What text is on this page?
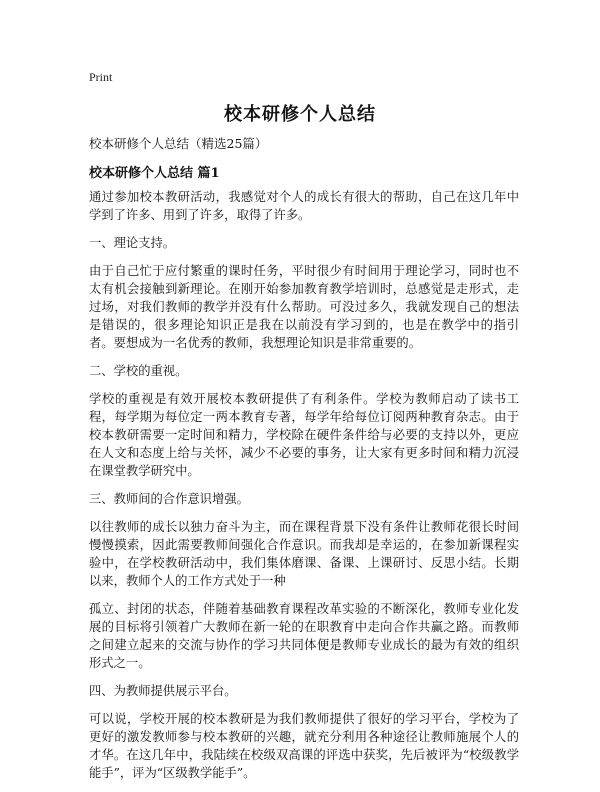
Print
校本研修个人总结
校本研修个人总结（精选25篇）
校本研修个人总结 篇1

通过参加校本教研活动，我感觉对个人的成长有很大的帮助，自己在这几年中学到了许多、用到了许多，取得了许多。

一、理论支持。

由于自己忙于应付繁重的课时任务，平时很少有时间用于理论学习，同时也不太有机会接触到新理论。在刚开始参加教育教学培训时，总感觉是走形式，走过场，对我们教师的教学并没有什么帮助。可没过多久，我就发现自己的想法是错误的，很多理论知识正是我在以前没有学习到的，也是在教学中的指引者。要想成为一名优秀的教师，我想理论知识是非常重要的。

二、学校的重视。

学校的重视是有效开展校本教研提供了有利条件。学校为教师启动了读书工程，每学期为每位定一两本教育专著，每学年给每位订阅两种教育杂志。由于校本教研需要一定时间和精力，学校除在硬件条件给与必要的支持以外，更应在人文和态度上给与关怀，减少不必要的事务，让大家有更多时间和精力沉浸在课堂教学研究中。

三、教师间的合作意识增强。

以往教师的成长以独力奋斗为主，而在课程背景下没有条件让教师花很长时间慢慢摸索，因此需要教师间强化合作意识。而我却是幸运的，在参加新课程实验中，在学校教研活动中，我们集体磨课、备课、上课研讨、反思小结。长期以来，教师个人的工作方式处于一种

孤立、封闭的状态，伴随着基础教育课程改革实验的不断深化，教师专业化发展的目标将引领着广大教师在新一轮的在职教育中走向合作共赢之路。而教师之间建立起来的交流与协作的学习共同体便是教师专业成长的最为有效的组织形式之一。

四、为教师提供展示平台。

可以说，学校开展的校本教研是为我们教师提供了很好的学习平台，学校为了更好的激发教师参与校本教研的兴趣，就充分利用各种途径让教师施展个人的才华。在这几年中，我陆续在校级双高课的评选中获奖，先后被评为“校级教学能手”，评为“区级教学能手”。
